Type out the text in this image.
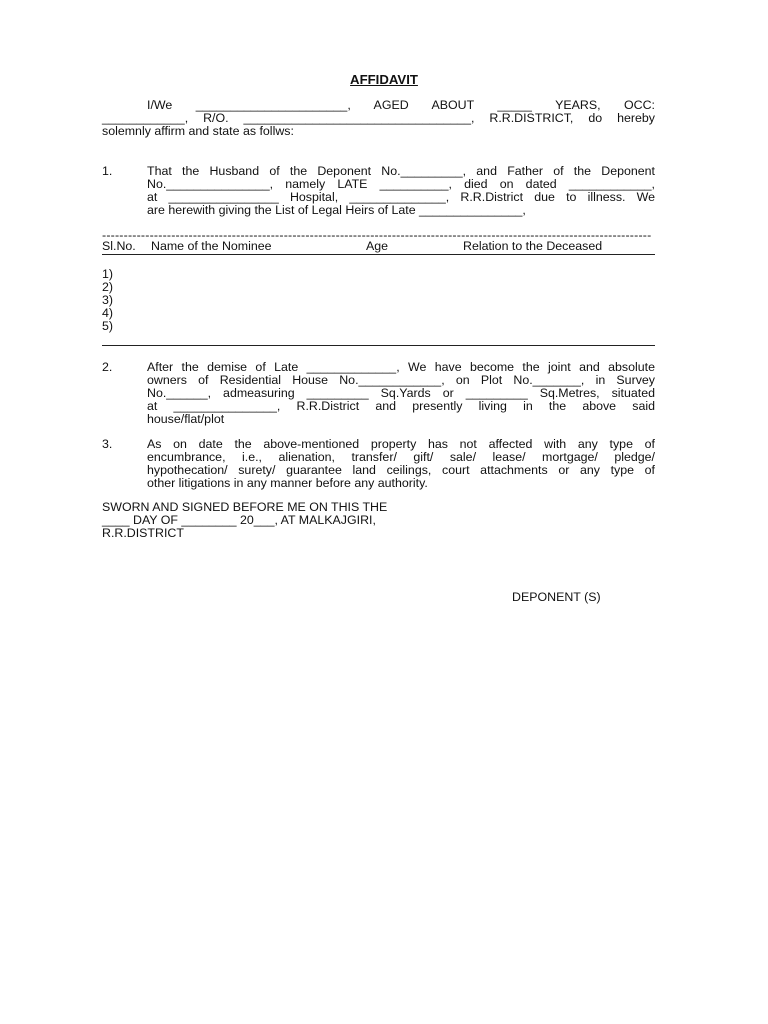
AFFIDAVIT
I/We ______________________, AGED ABOUT _____ YEARS, OCC:
____________, R/O. _________________________________, R.R.DISTRICT, do hereby
solemnly affirm and state as follws:
1.	That the Husband of the Deponent No._________, and Father of the Deponent
No._______________, namely LATE __________, died on dated ____________,
at ________________ Hospital, ______________, R.R.District due to illness. We
are herewith giving the List of Legal Heirs of Late _______________,
-------------------------------------------------------------------------------------------------------------------------------
Sl.No. Name of the Nominee	Age	Relation to the Deceased
1)
2)
3)
4)
5)
2.	After the demise of Late _____________, We have become the joint and absolute
owners of Residential House No.____________, on Plot No._______, in Survey
No.______, admeasuring _________ Sq.Yards or _________ Sq.Metres, situated
at _______________, R.R.District and presently living in the above said
house/flat/plot
3.	As on date the above-mentioned property has not affected with any type of
encumbrance, i.e., alienation, transfer/ gift/ sale/ lease/ mortgage/ pledge/
hypothecation/ surety/ guarantee land ceilings, court attachments or any type of
other litigations in any manner before any authority.
SWORN AND SIGNED BEFORE ME ON THIS THE
____ DAY OF ________ 20___, AT MALKAJGIRI,
R.R.DISTRICT
DEPONENT (S)
